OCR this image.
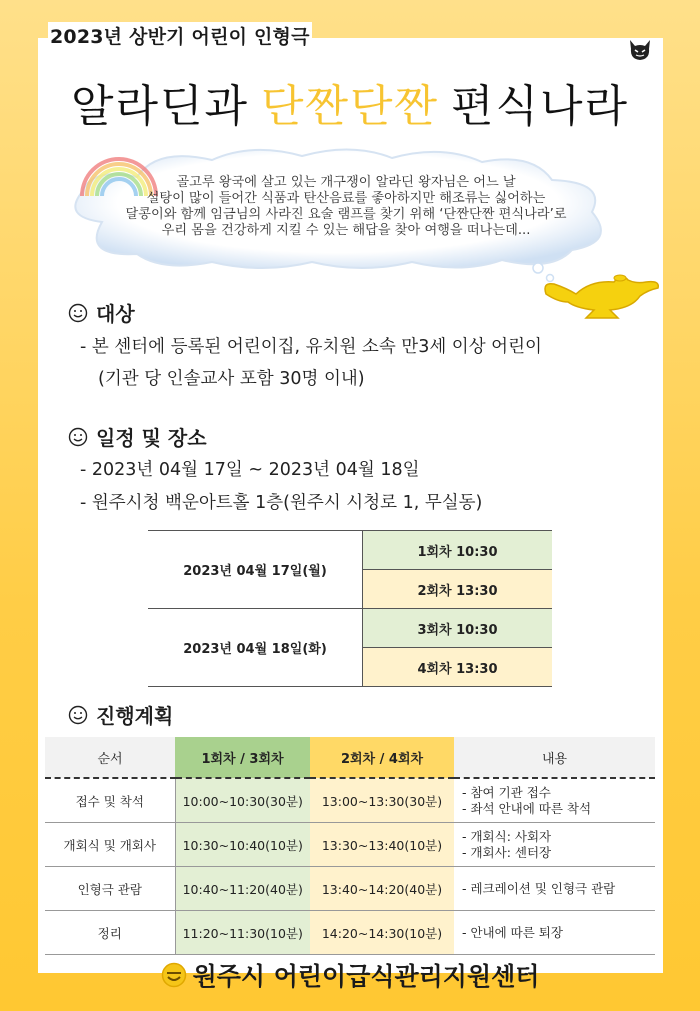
2023년 상반기 어린이 인형극
알라딘과 단짠단짠 편식나라
골고루 왕국에 살고 있는 개구쟁이 알라딘 왕자님은 어느 날
설탕이 많이 들어간 식품과 탄산음료를 좋아하지만 해조류는 싫어하는
달콩이와 함께 임금님의 사라진 요술 램프를 찾기 위해 ‘단짠단짠 편식나라’로
우리 몸을 건강하게 지킬 수 있는 해답을 찾아 여행을 떠나는데...
대상
- 본 센터에 등록된 어린이집, 유치원 소속 만3세 이상 어린이
(기관 당 인솔교사 포함 30명 이내)
일정 및 장소
- 2023년 04월 17일 ~ 2023년 04월 18일
- 원주시청 백운아트홀 1층(원주시 시청로 1, 무실동)
2023년 04월 17일(월)	1회차 10:30
	2회차 13:30
2023년 04월 18일(화)	3회차 10:30
	4회차 13:30
진행계획
순서	1회차 / 3회차	2회차 / 4회차	내용
접수 및 착석	10:00~10:30(30분)	13:00~13:30(30분)	- 참여 기관 접수
- 좌석 안내에 따른 착석

개회식 및 개회사	10:30~10:40(10분)	13:30~13:40(10분)	- 개회식: 사회자
- 개회사: 센터장

인형극 관람	10:40~11:20(40분)	13:40~14:20(40분)	- 레크레이션 및 인형극 관람

정리	11:20~11:30(10분)	14:20~14:30(10분)	- 안내에 따른 퇴장
원주시 어린이급식관리지원센터
